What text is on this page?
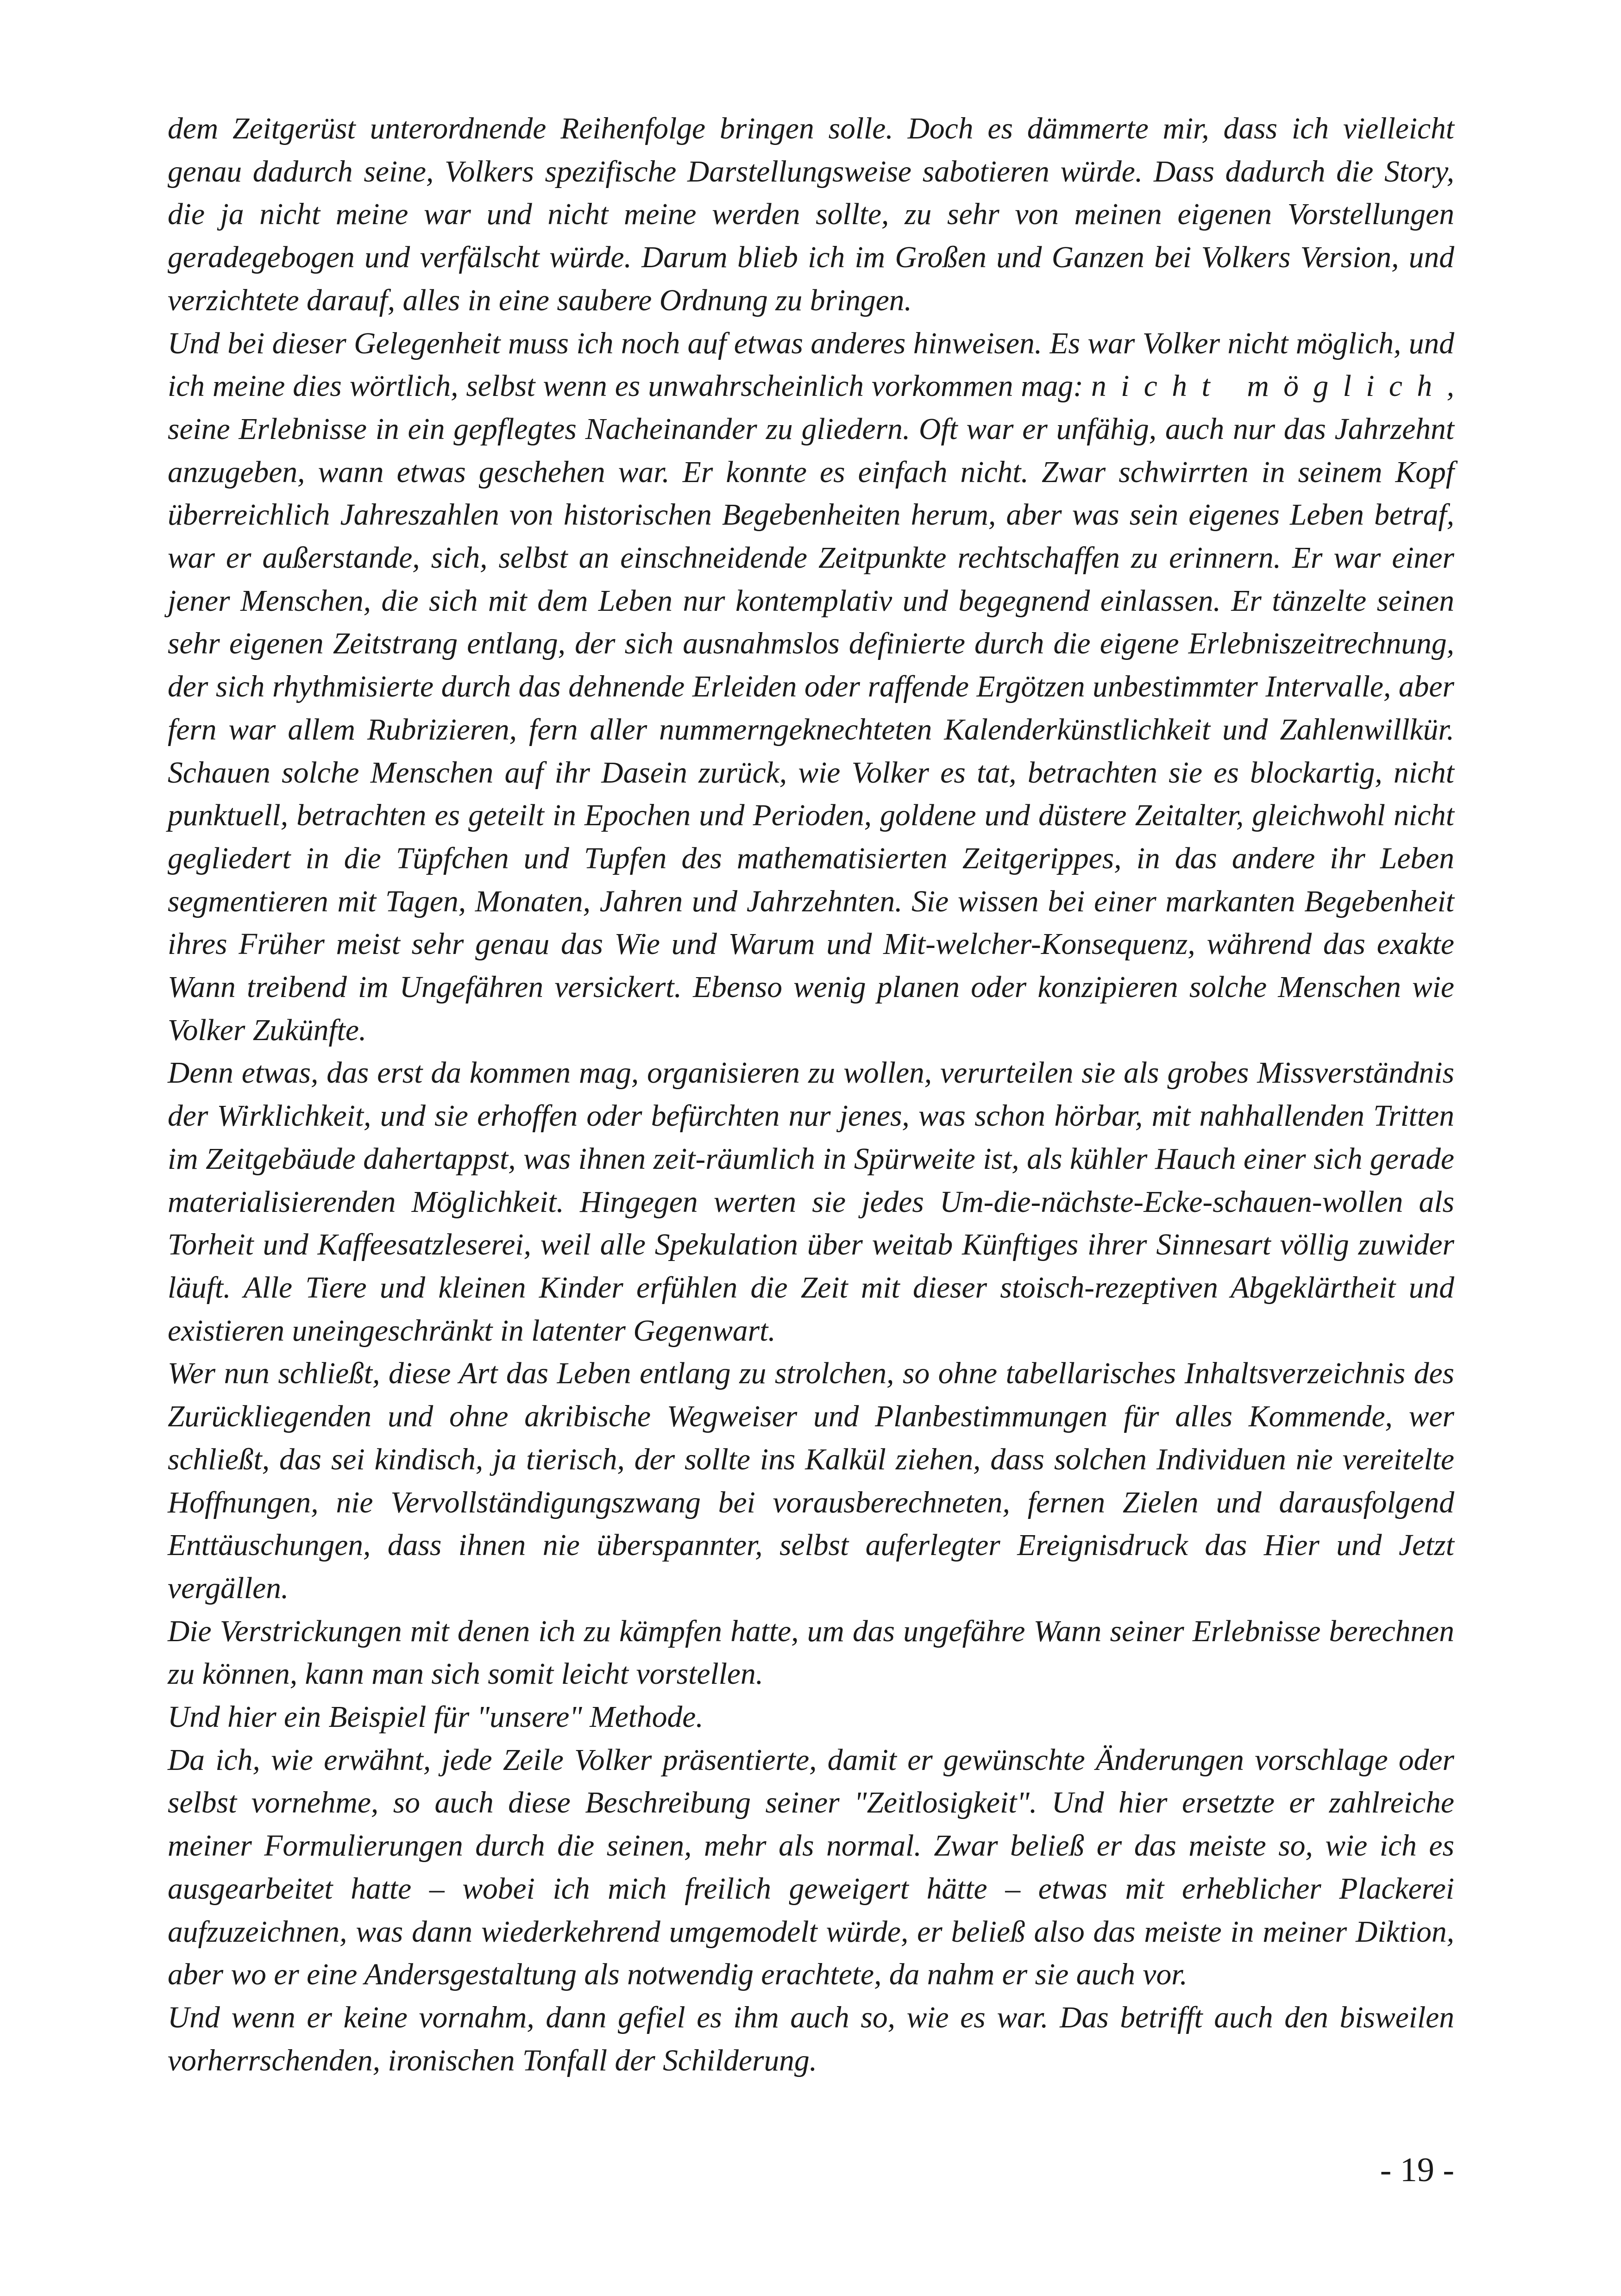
dem Zeitgerüst unterordnende Reihenfolge bringen solle. Doch es dämmerte mir, dass ich vielleicht genau dadurch seine, Volkers spezifische Darstellungsweise sabotieren würde. Dass dadurch die Story, die ja nicht meine war und nicht meine werden sollte, zu sehr von meinen eigenen Vorstellungen geradegebogen und verfälscht würde. Darum blieb ich im Großen und Ganzen bei Volkers Version, und verzichtete darauf, alles in eine saubere Ordnung zu bringen.

Und bei dieser Gelegenheit muss ich noch auf etwas anderes hinweisen. Es war Volker nicht möglich, und ich meine dies wörtlich, selbst wenn es unwahrscheinlich vorkommen mag: nicht möglich, seine Erlebnisse in ein gepflegtes Nacheinander zu gliedern. Oft war er unfähig, auch nur das Jahrzehnt anzugeben, wann etwas geschehen war. Er konnte es einfach nicht. Zwar schwirrten in seinem Kopf überreichlich Jahreszahlen von historischen Begebenheiten herum, aber was sein eigenes Leben betraf, war er außerstande, sich, selbst an einschneidende Zeitpunkte rechtschaffen zu erinnern. Er war einer jener Menschen, die sich mit dem Leben nur kontemplativ und begegnend einlassen. Er tänzelte seinen sehr eigenen Zeitstrang entlang, der sich ausnahmslos definierte durch die eigene Erlebniszeitrechnung, der sich rhythmisierte durch das dehnende Erleiden oder raffende Ergötzen unbestimmter Intervalle, aber fern war allem Rubrizieren, fern aller nummerngeknechteten Kalenderkünstlichkeit und Zahlenwillkür. Schauen solche Menschen auf ihr Dasein zurück, wie Volker es tat, betrachten sie es blockartig, nicht punktuell, betrachten es geteilt in Epochen und Perioden, goldene und düstere Zeitalter, gleichwohl nicht gegliedert in die Tüpfchen und Tupfen des mathematisierten Zeitgerippes, in das andere ihr Leben segmentieren mit Tagen, Monaten, Jahren und Jahrzehnten. Sie wissen bei einer markanten Begebenheit ihres Früher meist sehr genau das Wie und Warum und Mit-welcher-Konsequenz, während das exakte Wann treibend im Ungefähren versickert. Ebenso wenig planen oder konzipieren solche Menschen wie Volker Zukünfte.

Denn etwas, das erst da kommen mag, organisieren zu wollen, verurteilen sie als grobes Missverständnis der Wirklichkeit, und sie erhoffen oder befürchten nur jenes, was schon hörbar, mit nahhallenden Tritten im Zeitgebäude dahertappst, was ihnen zeit-räumlich in Spürweite ist, als kühler Hauch einer sich gerade materialisierenden Möglichkeit. Hingegen werten sie jedes Um-die-nächste-Ecke-schauen-wollen als Torheit und Kaffeesatzleserei, weil alle Spekulation über weitab Künftiges ihrer Sinnesart völlig zuwider läuft. Alle Tiere und kleinen Kinder erfühlen die Zeit mit dieser stoisch-rezeptiven Abgeklärtheit und existieren uneingeschränkt in latenter Gegenwart.

Wer nun schließt, diese Art das Leben entlang zu strolchen, so ohne tabellarisches Inhaltsverzeichnis des Zurückliegenden und ohne akribische Wegweiser und Planbestimmungen für alles Kommende, wer schließt, das sei kindisch, ja tierisch, der sollte ins Kalkül ziehen, dass solchen Individuen nie vereitelte Hoffnungen, nie Vervollständigungszwang bei vorausberechneten, fernen Zielen und darausfolgend Enttäuschungen, dass ihnen nie überspannter, selbst auferlegter Ereignisdruck das Hier und Jetzt vergällen.

Die Verstrickungen mit denen ich zu kämpfen hatte, um das ungefähre Wann seiner Erlebnisse berechnen zu können, kann man sich somit leicht vorstellen.

Und hier ein Beispiel für "unsere" Methode.

Da ich, wie erwähnt, jede Zeile Volker präsentierte, damit er gewünschte Änderungen vorschlage oder selbst vornehme, so auch diese Beschreibung seiner "Zeitlosigkeit". Und hier ersetzte er zahlreiche meiner Formulierungen durch die seinen, mehr als normal. Zwar beließ er das meiste so, wie ich es ausgearbeitet hatte – wobei ich mich freilich geweigert hätte – etwas mit erheblicher Plackerei aufzuzeichnen, was dann wiederkehrend umgemodelt würde, er beließ also das meiste in meiner Diktion, aber wo er eine Andersgestaltung als notwendig erachtete, da nahm er sie auch vor.

Und wenn er keine vornahm, dann gefiel es ihm auch so, wie es war. Das betrifft auch den bisweilen vorherrschenden, ironischen Tonfall der Schilderung.

- 19 -
